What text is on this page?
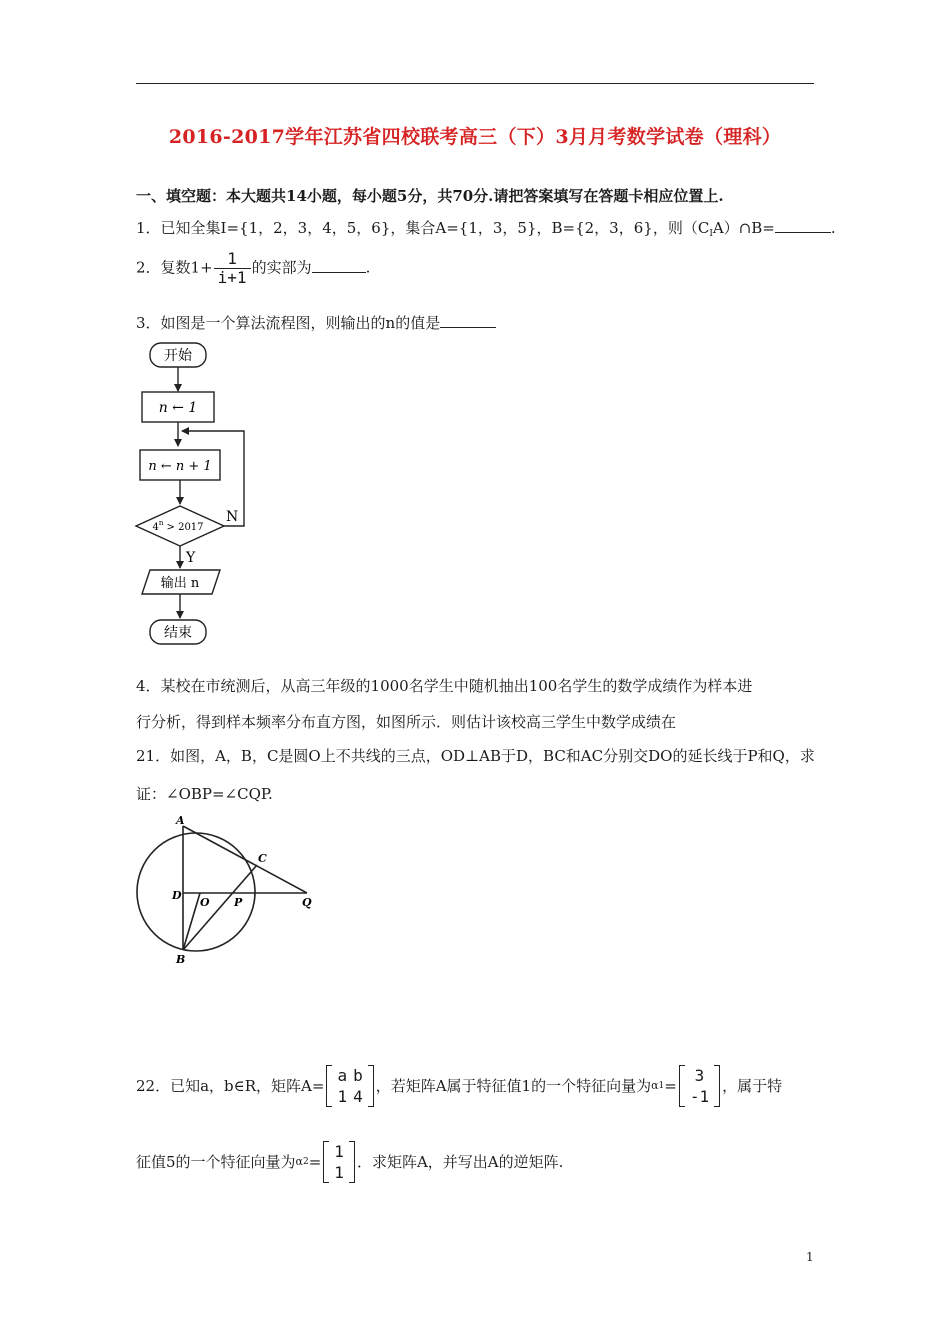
2016-2017学年江苏省四校联考高三（下）3月月考数学试卷（理科）
一、填空题：本大题共14小题，每小题5分，共70分.请把答案填写在答题卡相应位置上.
1．已知全集I={1，2，3，4，5，6}，集合A={1，3，5}，B={2，3，6}，则$(C_IA)\cap B=$	.
2．复数$1+ \frac{1}{i+1}$ 的实部为	.
3．如图是一个算法流程图，则输出的n的值是
开始
n ← 1
n ← n + 1
$4^n > 2017$
N
Y
输出 n
结束
4．某校在市统测后，从高三年级的1000名学生中随机抽出100名学生的数学成绩作为样本进
行分析，得到样本频率分布直方图，如图所示．则估计该校高三学生中数学成绩在
21．如图，A，B，C是圆O上不共线的三点，OD⊥AB于D，BC和AC分别交DO的延长线于P和Q，求
证：∠OBP=∠CQP.
A
C
D
O P	Q
B
22．已知a，b∈R，矩阵A=
a	b
1	4
，若矩阵A属于特征值1的一个特征向量为 α 1 =
3
-1
，属于特
征值5的一个特征向量为 α 2 =
1
1
．求矩阵A，并写出A的逆矩阵.
1
